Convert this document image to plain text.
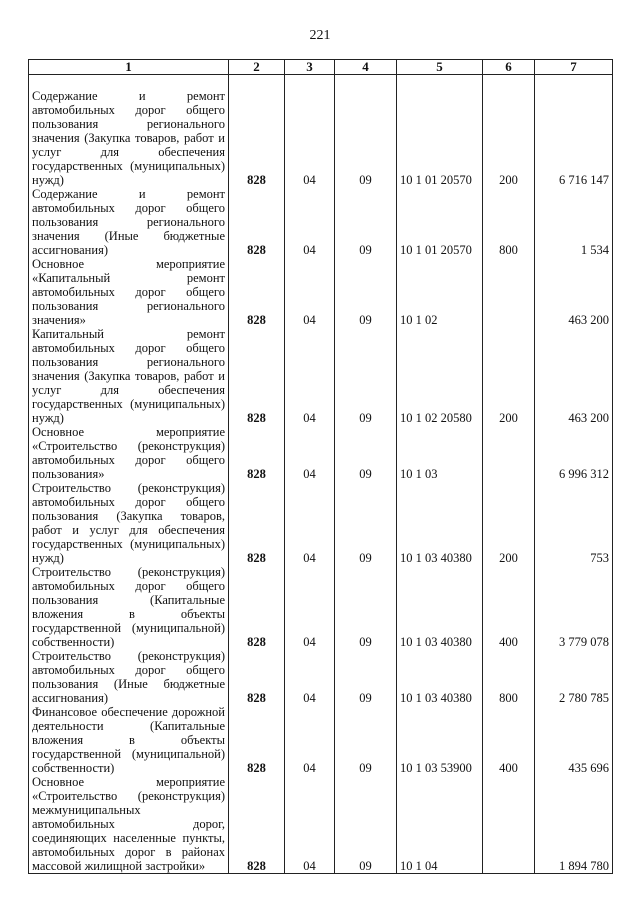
221
1	2	3	4	5	6	7
Содержание и ремонт автомобильных дорог общего пользования регионального значения (Закупка товаров, работ и услуг для обеспечения государственных (муниципальных) нужд)	828	04	09	10 1 01 20570	200	6 716 147
Содержание и ремонт автомобильных дорог общего пользования регионального значения (Иные бюджетные ассигнования)	828	04	09	10 1 01 20570	800	1 534
Основное мероприятие «Капитальный ремонт автомобильных дорог общего пользования регионального значения»	828	04	09	10 1 02		463 200
Капитальный ремонт автомобильных дорог общего пользования регионального значения (Закупка товаров, работ и услуг для обеспечения государственных (муниципальных) нужд)	828	04	09	10 1 02 20580	200	463 200
Основное мероприятие «Строительство (реконструкция) автомобильных дорог общего пользования»	828	04	09	10 1 03		6 996 312
Строительство (реконструкция) автомобильных дорог общего пользования (Закупка товаров, работ и услуг для обеспечения государственных (муниципальных) нужд)	828	04	09	10 1 03 40380	200	753
Строительство (реконструкция) автомобильных дорог общего пользования (Капитальные вложения в объекты государственной (муниципальной) собственности)	828	04	09	10 1 03 40380	400	3 779 078
Строительство (реконструкция) автомобильных дорог общего пользования (Иные бюджетные ассигнования)	828	04	09	10 1 03 40380	800	2 780 785
Финансовое обеспечение дорожной деятельности (Капитальные вложения в объекты государственной (муниципальной) собственности)	828	04	09	10 1 03 53900	400	435 696
Основное мероприятие «Строительство (реконструкция) межмуниципальных автомобильных дорог, соединяющих населенные пункты, автомобильных дорог в районах массовой жилищной застройки»	828	04	09	10 1 04		1 894 780
